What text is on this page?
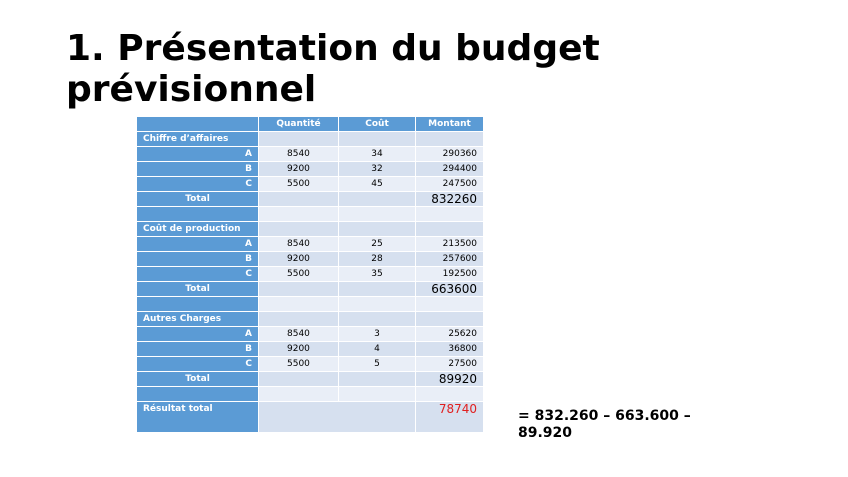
1. Présentation du budget prévisionnel
	Quantité	Coût	Montant
Chiffre d’affaires			
A	8540	34	290360
B	9200	32	294400
C	5500	45	247500
Total			832260

Coût de production			
A	8540	25	213500
B	9200	28	257600
C	5500	35	192500
Total			663600

Autres Charges			
A	8540	3	25620
B	9200	4	36800
C	5500	5	27500
Total			89920

Résultat total			78740	= 832.260 – 663.600 – 89.920
